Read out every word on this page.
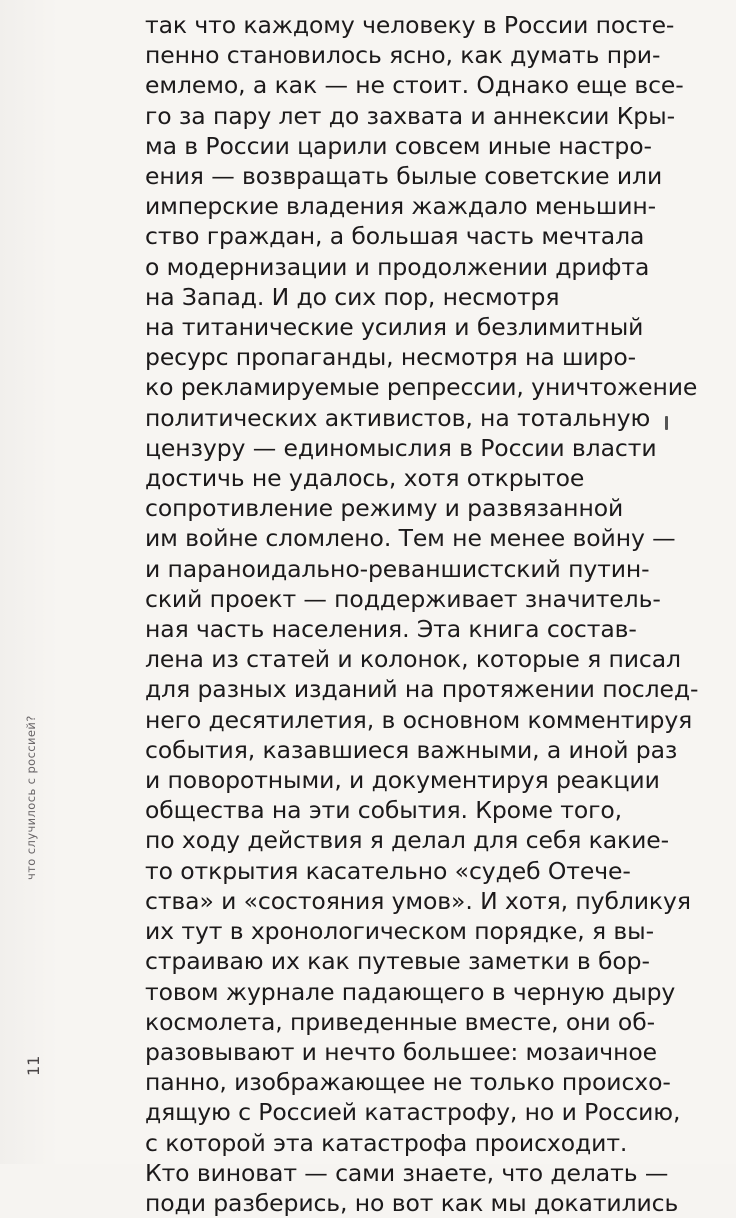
что случилось с россией?
11
так что каждому человеку в России посте-
пенно становилось ясно, как думать при-
емлемо, а как — не стоит. Однако еще все-
го за пару лет до захвата и аннексии Кры-
ма в России царили совсем иные настро-
ения — возвращать былые советские или
имперские владения жаждало меньшин-
ство граждан, а большая часть мечтала
о модернизации и продолжении дрифта
на Запад. И до сих пор, несмотря
на титанические усилия и безлимитный
ресурс пропаганды, несмотря на широ-
ко рекламируемые репрессии, уничтожение
политических активистов, на тотальную
цензуру — единомыслия в России власти
достичь не удалось, хотя открытое
сопротивление режиму и развязанной
им войне сломлено. Тем не менее войну —
и параноидально-реваншистский путин-
ский проект — поддерживает значитель-
ная часть населения. Эта книга состав-
лена из статей и колонок, которые я писал
для разных изданий на протяжении послед-
него десятилетия, в основном комментируя
события, казавшиеся важными, а иной раз
и поворотными, и документируя реакции
общества на эти события. Кроме того,
по ходу действия я делал для себя какие-
то открытия касательно «судеб Отече-
ства» и «состояния умов». И хотя, публикуя
их тут в хронологическом порядке, я вы-
страиваю их как путевые заметки в бор-
товом журнале падающего в черную дыру
космолета, приведенные вместе, они об-
разовывают и нечто большее: мозаичное
панно, изображающее не только происхо-
дящую с Россией катастрофу, но и Россию,
с которой эта катастрофа происходит.
Кто виноват — сами знаете, что делать —
поди разберись, но вот как мы докатились
